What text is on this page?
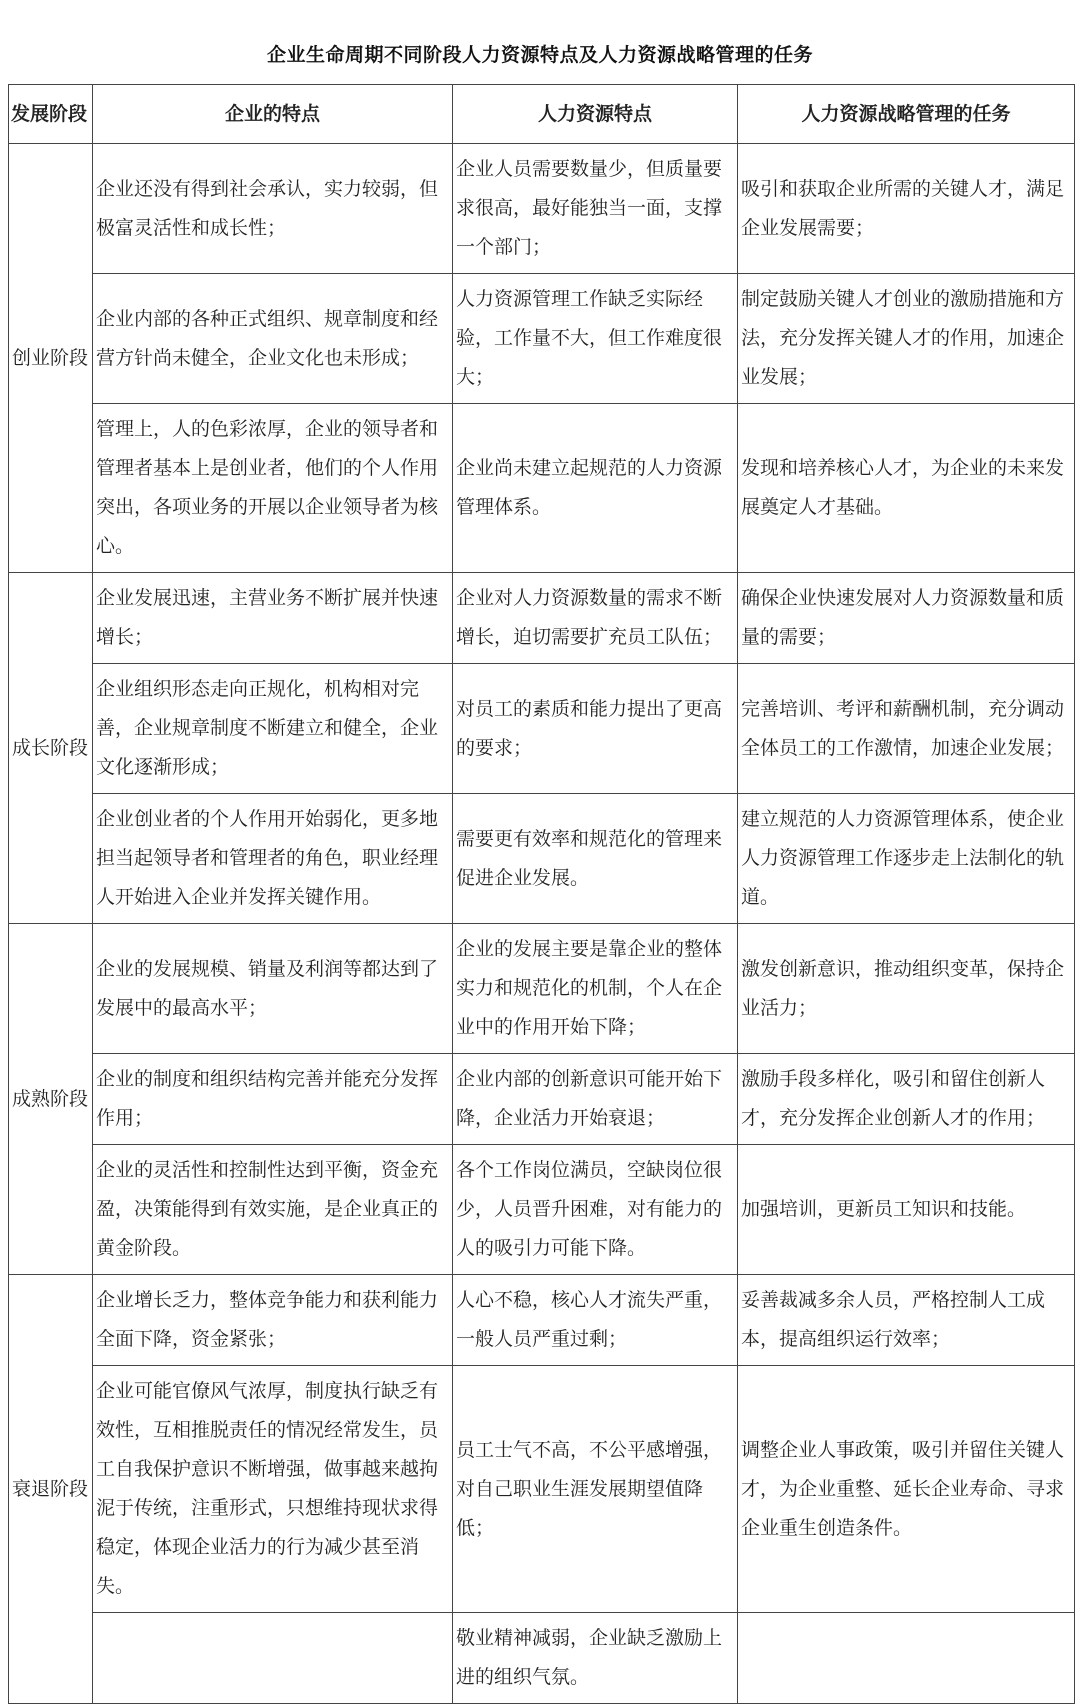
企业生命周期不同阶段人力资源特点及人力资源战略管理的任务
发展阶段	企业的特点	人力资源特点	人力资源战略管理的任务
创业阶段	企业还没有得到社会承认，实力较弱，但极富灵活性和成长性；	企业人员需要数量少，但质量要求很高，最好能独当一面，支撑一个部门；	吸引和获取企业所需的关键人才，满足企业发展需要；
	企业内部的各种正式组织、规章制度和经营方针尚未健全，企业文化也未形成；	人力资源管理工作缺乏实际经验，工作量不大，但工作难度很大；	制定鼓励关键人才创业的激励措施和方法，充分发挥关键人才的作用，加速企业发展；
	管理上，人的色彩浓厚，企业的领导者和管理者基本上是创业者，他们的个人作用突出，各项业务的开展以企业领导者为核心。	企业尚未建立起规范的人力资源管理体系。	发现和培养核心人才，为企业的未来发展奠定人才基础。
成长阶段	企业发展迅速，主营业务不断扩展并快速增长；	企业对人力资源数量的需求不断增长，迫切需要扩充员工队伍；	确保企业快速发展对人力资源数量和质量的需要；
	企业组织形态走向正规化，机构相对完善，企业规章制度不断建立和健全，企业文化逐渐形成；	对员工的素质和能力提出了更高的要求；	完善培训、考评和薪酬机制，充分调动全体员工的工作激情，加速企业发展；
	企业创业者的个人作用开始弱化，更多地担当起领导者和管理者的角色，职业经理人开始进入企业并发挥关键作用。	需要更有效率和规范化的管理来促进企业发展。	建立规范的人力资源管理体系，使企业人力资源管理工作逐步走上法制化的轨道。
成熟阶段	企业的发展规模、销量及利润等都达到了发展中的最高水平；	企业的发展主要是靠企业的整体实力和规范化的机制，个人在企业中的作用开始下降；	激发创新意识，推动组织变革，保持企业活力；
	企业的制度和组织结构完善并能充分发挥作用；	企业内部的创新意识可能开始下降，企业活力开始衰退；	激励手段多样化，吸引和留住创新人才，充分发挥企业创新人才的作用；
	企业的灵活性和控制性达到平衡，资金充盈，决策能得到有效实施，是企业真正的黄金阶段。	各个工作岗位满员，空缺岗位很少，人员晋升困难，对有能力的人的吸引力可能下降。	加强培训，更新员工知识和技能。
衰退阶段	企业增长乏力，整体竞争能力和获利能力全面下降，资金紧张；	人心不稳，核心人才流失严重，一般人员严重过剩；	妥善裁减多余人员，严格控制人工成本，提高组织运行效率；
	企业可能官僚风气浓厚，制度执行缺乏有效性，互相推脱责任的情况经常发生，员工自我保护意识不断增强，做事越来越拘泥于传统，注重形式，只想维持现状求得稳定，体现企业活力的行为减少甚至消失。	员工士气不高，不公平感增强，对自己职业生涯发展期望值降低；	调整企业人事政策，吸引并留住关键人才，为企业重整、延长企业寿命、寻求企业重生创造条件。
		敬业精神减弱，企业缺乏激励上进的组织气氛。	
